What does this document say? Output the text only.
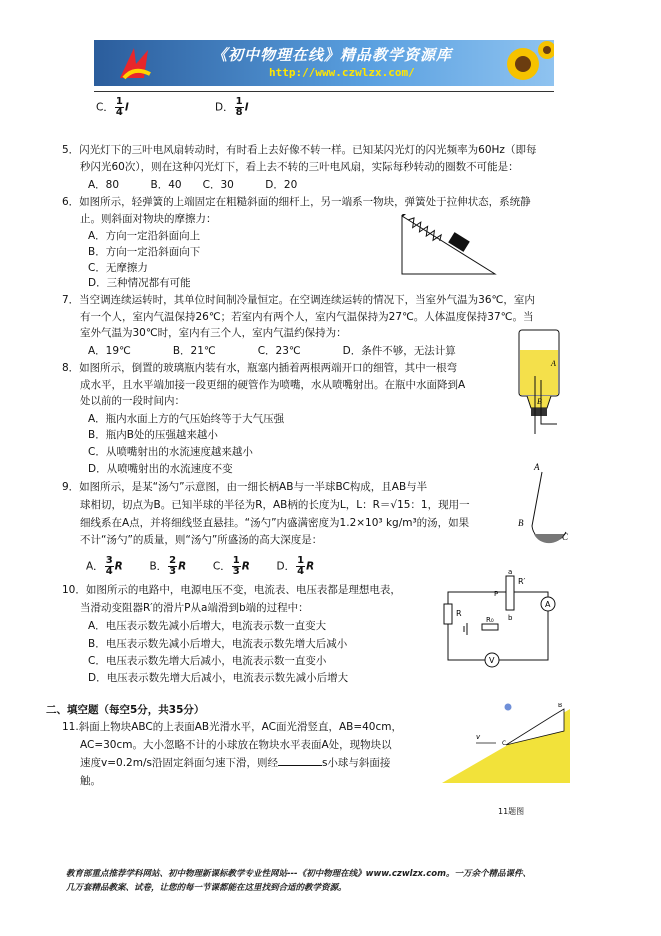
《初中物理在线》精品教学资源库
http://www.czwlzx.com/
C． $\frac{1}{4}$ l	D． $\frac{1}{8}$ l
5．闪光灯下的三叶电风扇转动时，有时看上去好像不转一样。已知某闪光灯的闪光频率为60Hz（即每
秒闪光60次），则在这种闪光灯下，看上去不转的三叶电风扇，实际每秒转动的圈数不可能是：
A．80　　　B．40　　C．30　　　D．20
6．如图所示，轻弹簧的上端固定在粗糙斜面的细杆上，另一端系一物块，弹簧处于拉伸状态，系统静
止。则斜面对物块的摩擦力：
A．方向一定沿斜面向上
B．方向一定沿斜面向下
C．无摩擦力
D．三种情况都有可能
7．当空调连续运转时，其单位时间制冷量恒定。在空调连续运转的情况下，当室外气温为36℃，室内
有一个人，室内气温保持26℃；若室内有两个人，室内气温保持为27℃。人体温度保持37℃。当
室外气温为30℃时，室内有三个人，室内气温约保持为：
A．19℃　　　　B．21℃　　　　C．23℃　　　　D．条件不够，无法计算
8．如图所示，倒置的玻璃瓶内装有水，瓶塞内插着两根两端开口的细管，其中一根弯
成水平，且水平端加接一段更细的硬管作为喷嘴，水从喷嘴射出。在瓶中水面降到A
处以前的一段时间内：
A．瓶内水面上方的气压始终等于大气压强
B．瓶内B处的压强越来越小
C．从喷嘴射出的水流速度越来越小
D．从喷嘴射出的水流速度不变
A
B
9．如图所示，是某“汤勺”示意图，由一细长柄AB与一半球BC构成，且AB与半
球相切，切点为B。已知半球的半径为R，AB柄的长度为L，L：R＝√15：1，现用一
细线系在A点，并将细线竖直悬挂。“汤勺”内盛满密度为1.2×10³ kg/m³的汤，如果
不计“汤勺”的质量，则“汤勺”所盛汤的高大深度是：
A． $\frac{3}{4}$ R	B． $\frac{2}{3}$ R	C． $\frac{1}{3}$ R	D． $\frac{1}{4}$ R
A
B
C
10．如图所示的电路中，电源电压不变，电流表、电压表都是理想电表，
当滑动变阻器R′的滑片P从a端滑到b端的过程中：
A．电压表示数先减小后增大，电流表示数一直变大
B．电压表示数先减小后增大，电流表示数先增大后减小
C．电压表示数先增大后减小，电流表示数一直变小
D．电压表示数先增大后减小，电流表示数先减小后增大
R
R′
a
b
P
A
R₀
V
二、填空题（每空5分，共35分）
11.斜面上物块ABC的上表面AB光滑水平，AC面光滑竖直，AB=40cm，
AC=30cm。大小忽略不计的小球放在物块水平表面A处，现物块以
速度v=0.2m/s沿固定斜面匀速下滑，则经	s小球与斜面接
触。
B
C
v
11题图
教育部重点推荐学科网站、初中物理新课标教学专业性网站---《初中物理在线》www.czwlzx.com。一万余个精品课件、
几万套精品教案、试卷，让您的每一节课都能在这里找到合适的教学资源。
